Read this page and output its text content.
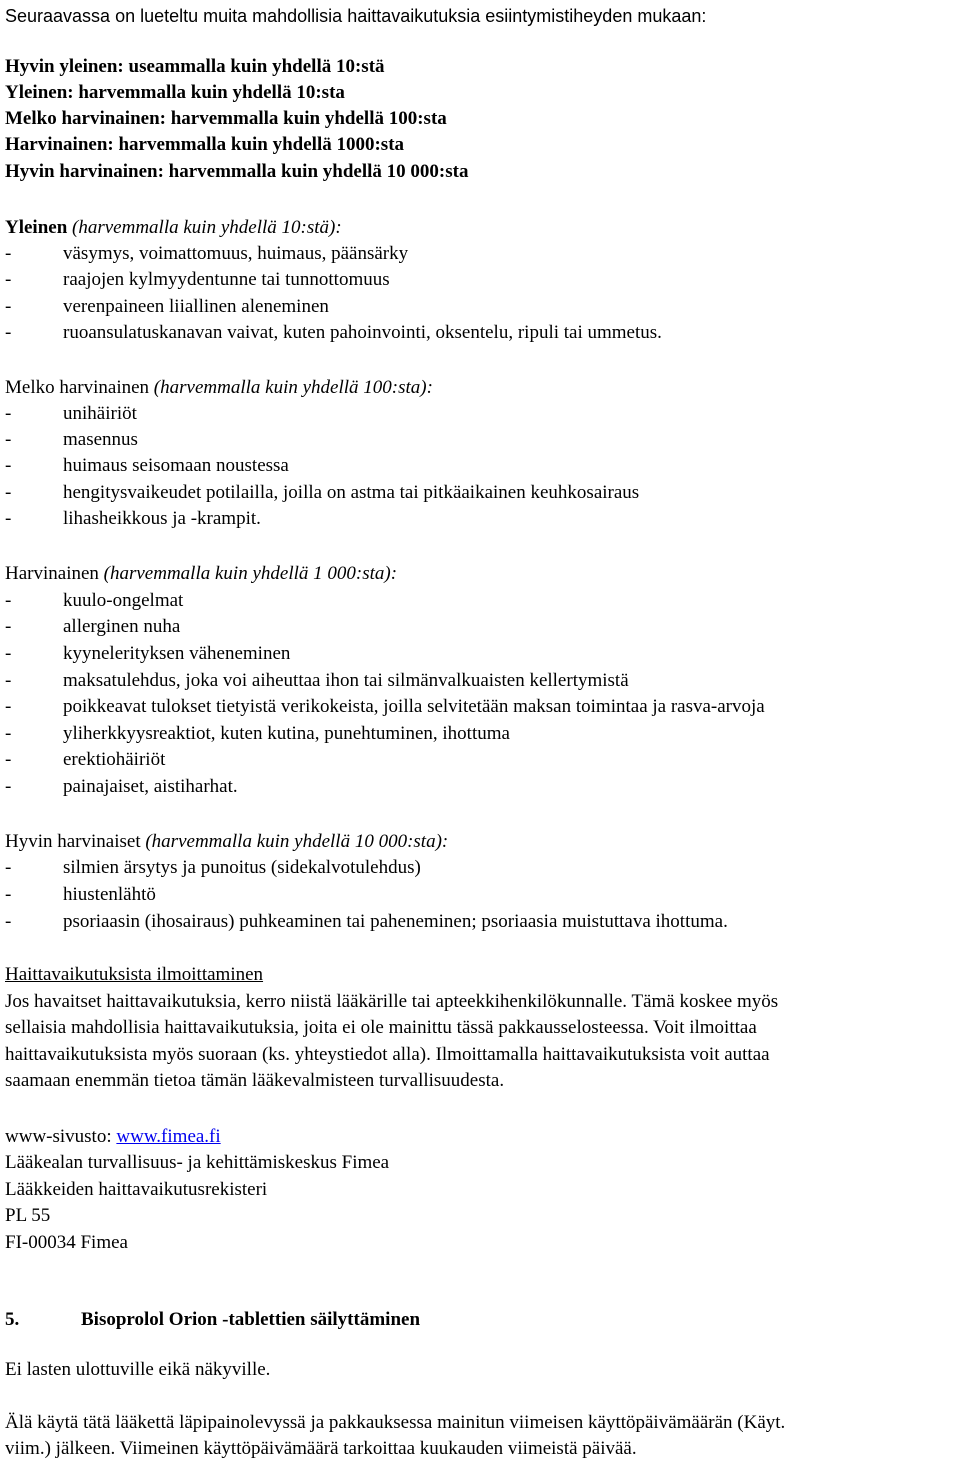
Seuraavassa on lueteltu muita mahdollisia haittavaikutuksia esiintymistiheyden mukaan:
Hyvin yleinen: useammalla kuin yhdellä 10:stä
Yleinen: harvemmalla kuin yhdellä 10:sta
Melko harvinainen: harvemmalla kuin yhdellä 100:sta
Harvinainen: harvemmalla kuin yhdellä 1000:sta
Hyvin harvinainen: harvemmalla kuin yhdellä 10 000:sta
Yleinen (harvemmalla kuin yhdellä 10:stä):
-	väsymys, voimattomuus, huimaus, päänsärky
-	raajojen kylmyydentunne tai tunnottomuus
-	verenpaineen liiallinen aleneminen
-	ruoansulatuskanavan vaivat, kuten pahoinvointi, oksentelu, ripuli tai ummetus.
Melko harvinainen (harvemmalla kuin yhdellä 100:sta):
-	unihäiriöt
-	masennus
-	huimaus seisomaan noustessa
-	hengitysvaikeudet potilailla, joilla on astma tai pitkäaikainen keuhkosairaus
-	lihasheikkous ja -krampit.
Harvinainen (harvemmalla kuin yhdellä 1 000:sta):
-	kuulo-ongelmat
-	allerginen nuha
-	kyynelerityksen väheneminen
-	maksatulehdus, joka voi aiheuttaa ihon tai silmänvalkuaisten kellertymistä
-	poikkeavat tulokset tietyistä verikokeista, joilla selvitetään maksan toimintaa ja rasva-arvoja
-	yliherkkyysreaktiot, kuten kutina, punehtuminen, ihottuma
-	erektiohäiriöt
-	painajaiset, aistiharhat.
Hyvin harvinaiset (harvemmalla kuin yhdellä 10 000:sta):
-	silmien ärsytys ja punoitus (sidekalvotulehdus)
-	hiustenlähtö
-	psoriaasin (ihosairaus) puhkeaminen tai paheneminen; psoriaasia muistuttava ihottuma.
Haittavaikutuksista ilmoittaminen
Jos havaitset haittavaikutuksia, kerro niistä lääkärille tai apteekkihenkilökunnalle. Tämä koskee myös
sellaisia mahdollisia haittavaikutuksia, joita ei ole mainittu tässä pakkausselosteessa. Voit ilmoittaa
haittavaikutuksista myös suoraan (ks. yhteystiedot alla). Ilmoittamalla haittavaikutuksista voit auttaa
saamaan enemmän tietoa tämän lääkevalmisteen turvallisuudesta.
www-sivusto: www.fimea.fi
Lääkealan turvallisuus- ja kehittämiskeskus Fimea
Lääkkeiden haittavaikutusrekisteri
PL 55
FI-00034 Fimea
5.	Bisoprolol Orion -tablettien säilyttäminen
Ei lasten ulottuville eikä näkyville.
Älä käytä tätä lääkettä läpipainolevyssä ja pakkauksessa mainitun viimeisen käyttöpäivämäärän (Käyt.
viim.) jälkeen. Viimeinen käyttöpäivämäärä tarkoittaa kuukauden viimeistä päivää.
